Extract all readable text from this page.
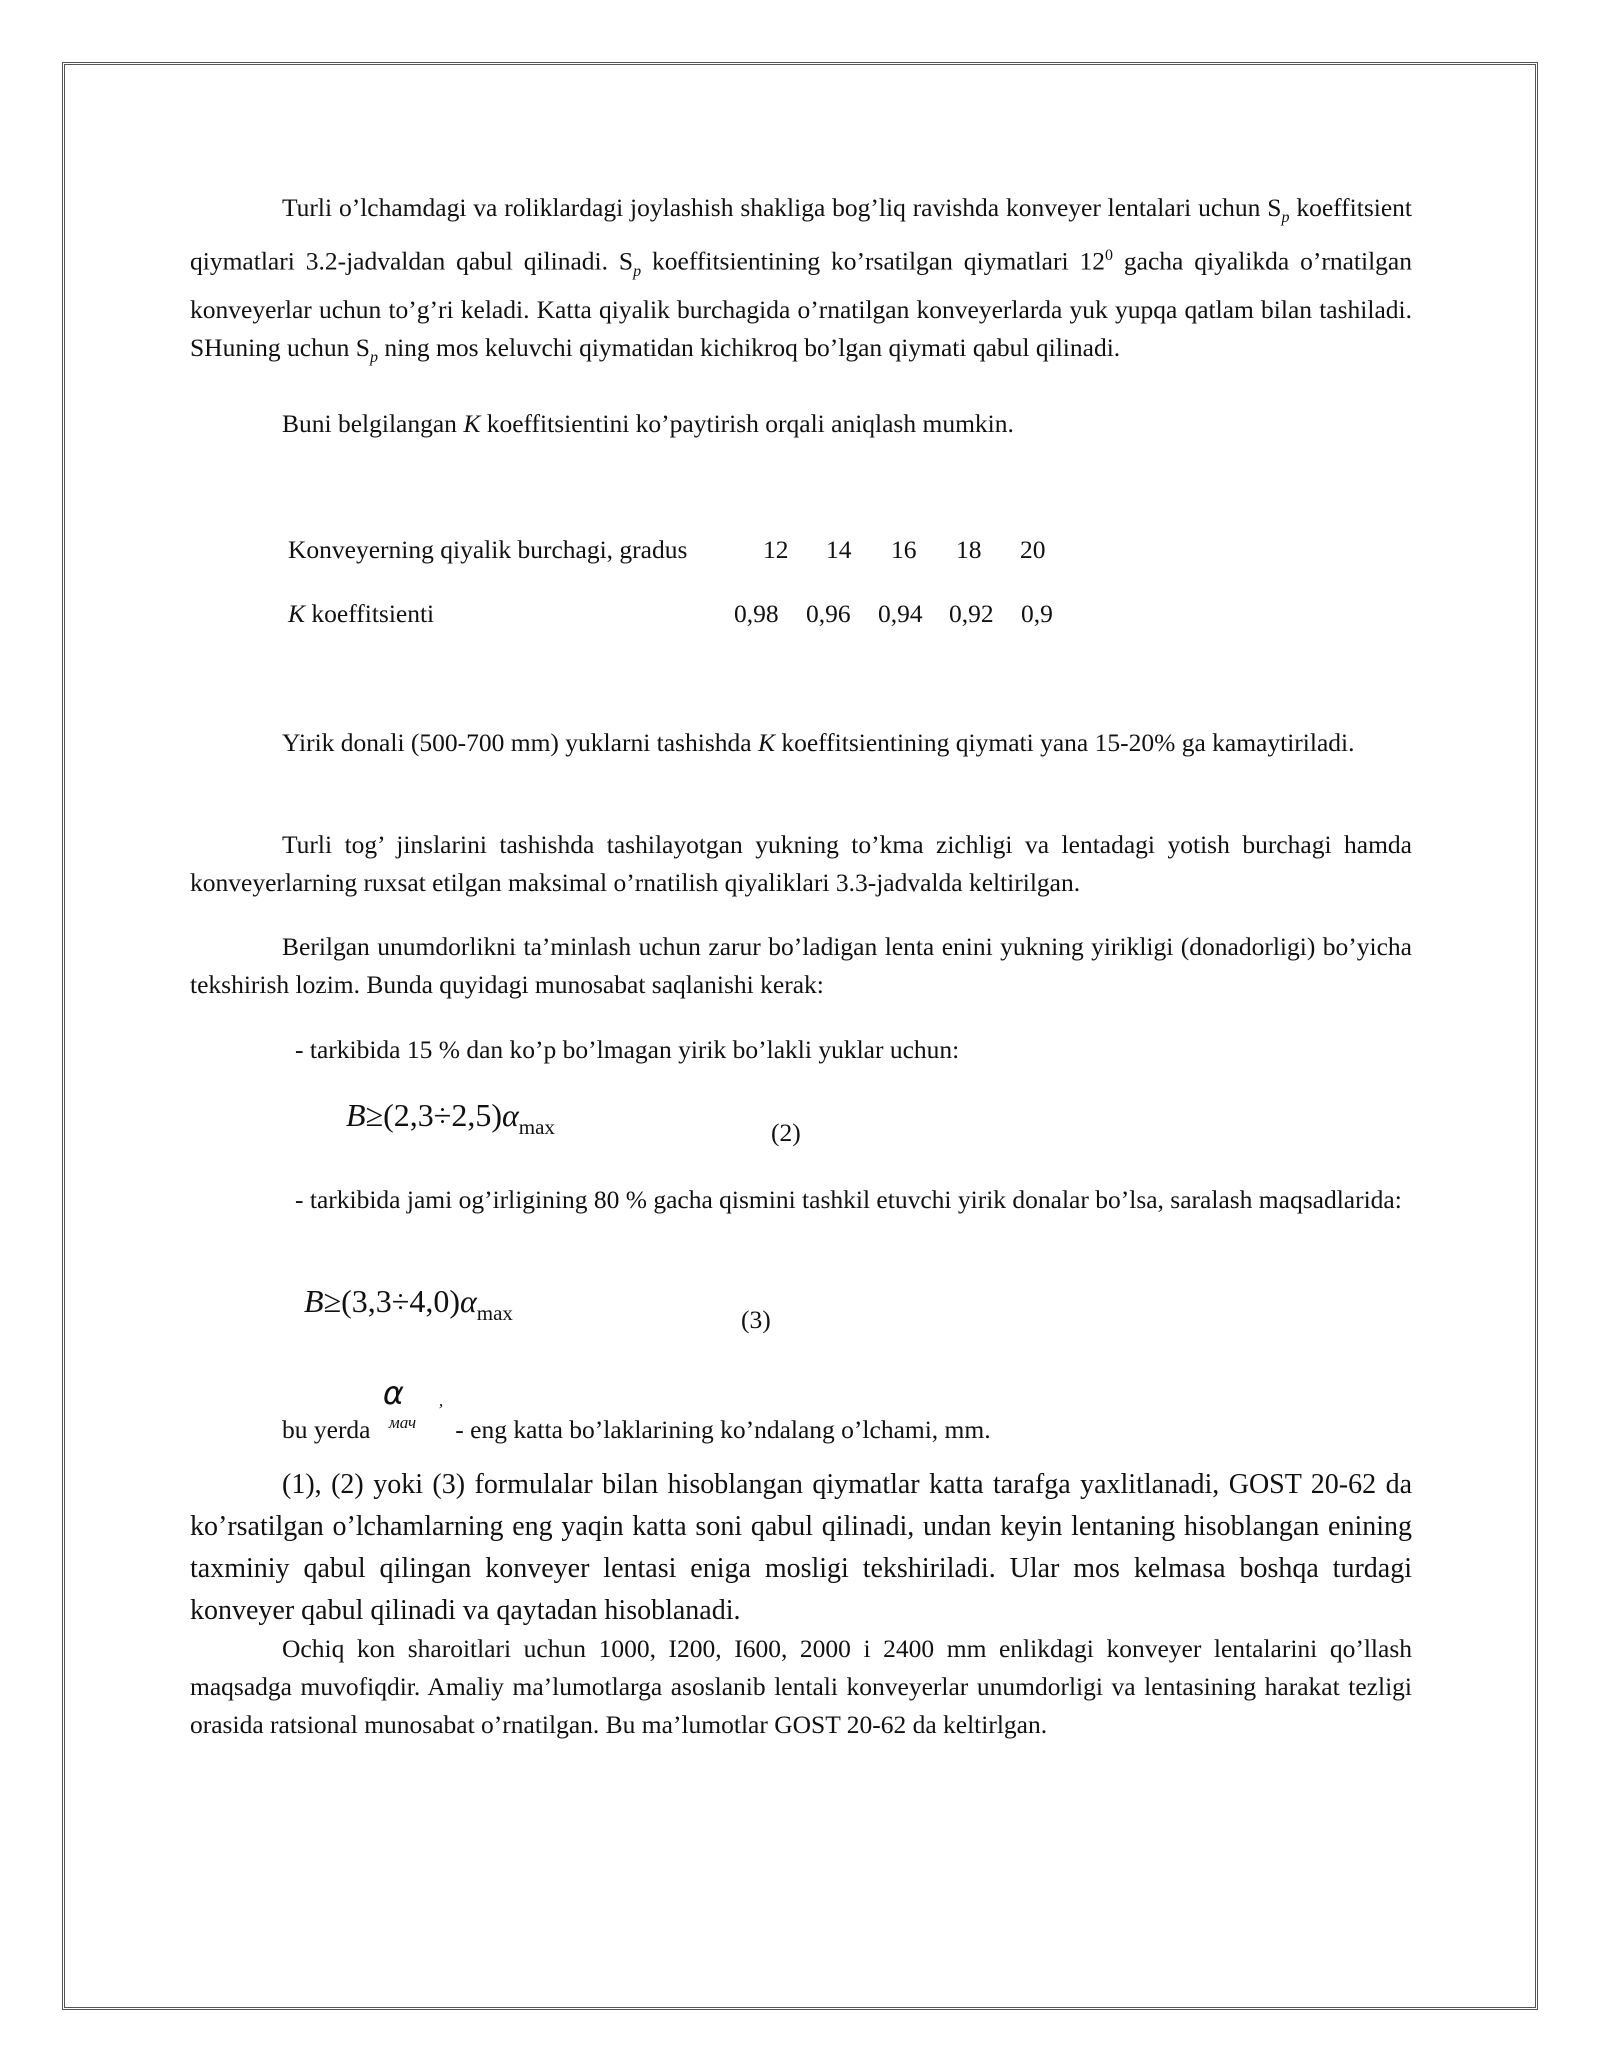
Turli o’lchamdagi va roliklardagi joylashish shakliga bog’liq ravishda konveyer lentalari uchun $S_p$ koeffitsient qiymatlari 3.2-jadvaldan qabul qilinadi. $S_p$ koeffitsientining ko’rsatilgan qiymatlari $12^0$ gacha qiyalikda o’rnatilgan konveyerlar uchun to’g’ri keladi. Katta qiyalik burchagida o’rnatilgan konveyerlarda yuk yupqa qatlam bilan tashiladi. SHuning uchun $S_p$ ning mos keluvchi qiymatidan kichikroq bo’lgan qiymati qabul qilinadi.

Buni belgilangan K koeffitsientini ko’paytirish orqali aniqlash mumkin.

Konveyerning qiyalik burchagi, gradus	12 14 16 18 20
K koeffitsienti	0,98 0,96 0,94 0,92 0,9

Yirik donali (500-700 mm) yuklarni tashishda K koeffitsientining qiymati yana 15-20% ga kamaytiriladi.

Turli tog’ jinslarini tashishda tashilayotgan yukning to’kma zichligi va lentadagi yotish burchagi hamda konveyerlarning ruxsat etilgan maksimal o’rnatilish qiyaliklari 3.3-jadvalda keltirilgan.

Berilgan unumdorlikni ta’minlash uchun zarur bo’ladigan lenta enini yukning yirikligi (donadorligi) bo’yicha tekshirish lozim. Bunda quyidagi munosabat saqlanishi kerak:

- tarkibida 15 % dan ko’p bo’lmagan yirik bo’lakli yuklar uchun:

$B\ge(2,3\div 2,5)\alpha_{max}$	(2)

- tarkibida jami og’irligining 80 % gacha qismini tashkil etuvchi yirik donalar bo’lsa, saralash maqsadlarida:

$B\ge(3,3\div 4,0)\alpha_{max}$	(3)
bu yerda
α
мач
,
- eng katta bo’laklarining ko’ndalang o’lchami, mm.

(1), (2) yoki (3) formulalar bilan hisoblangan qiymatlar katta tarafga yaxlitlanadi, GOST 20-62 da ko’rsatilgan o’lchamlarning eng yaqin katta soni qabul qilinadi, undan keyin lentaning hisoblangan enining taxminiy qabul qilingan konveyer lentasi eniga mosligi tekshiriladi. Ular mos kelmasa boshqa turdagi konveyer qabul qilinadi va qaytadan hisoblanadi.

Ochiq kon sharoitlari uchun 1000, I200, I600, 2000 i 2400 mm enlikdagi konveyer lentalarini qo’llash maqsadga muvofiqdir. Amaliy ma’lumotlarga asoslanib lentali konveyerlar unumdorligi va lentasining harakat tezligi orasida ratsional munosabat o’rnatilgan. Bu ma’lumotlar GOST 20-62 da keltirlgan.
